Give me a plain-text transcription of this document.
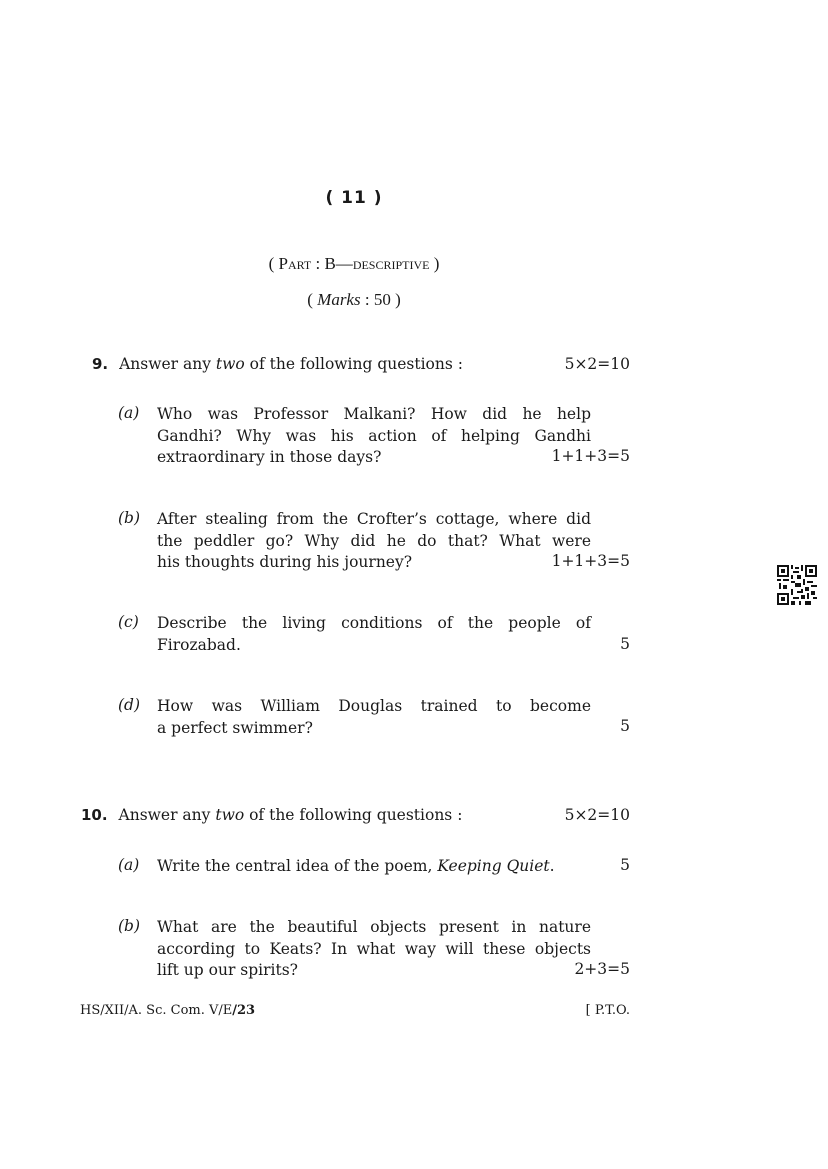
( 11 )
( Part : B—descriptive )
( Marks : 50 )
9. Answer any two of the following questions :	5×2=10
(a) Who was Professor Malkani? How did he help
Gandhi? Why was his action of helping Gandhi
extraordinary in those days?	1+1+3=5
(b) After stealing from the Crofter’s cottage, where did
the peddler go? Why did he do that? What were
his thoughts during his journey?	1+1+3=5
(c) Describe the living conditions of the people of
Firozabad.	5
(d) How was William Douglas trained to become
a perfect swimmer?	5
10. Answer any two of the following questions :	5×2=10
(a) Write the central idea of the poem, Keeping Quiet.	5
(b) What are the beautiful objects present in nature
according to Keats? In what way will these objects
lift up our spirits?	2+3=5
HS/XII/A. Sc. Com. V/E/23	[ P.T.O.
